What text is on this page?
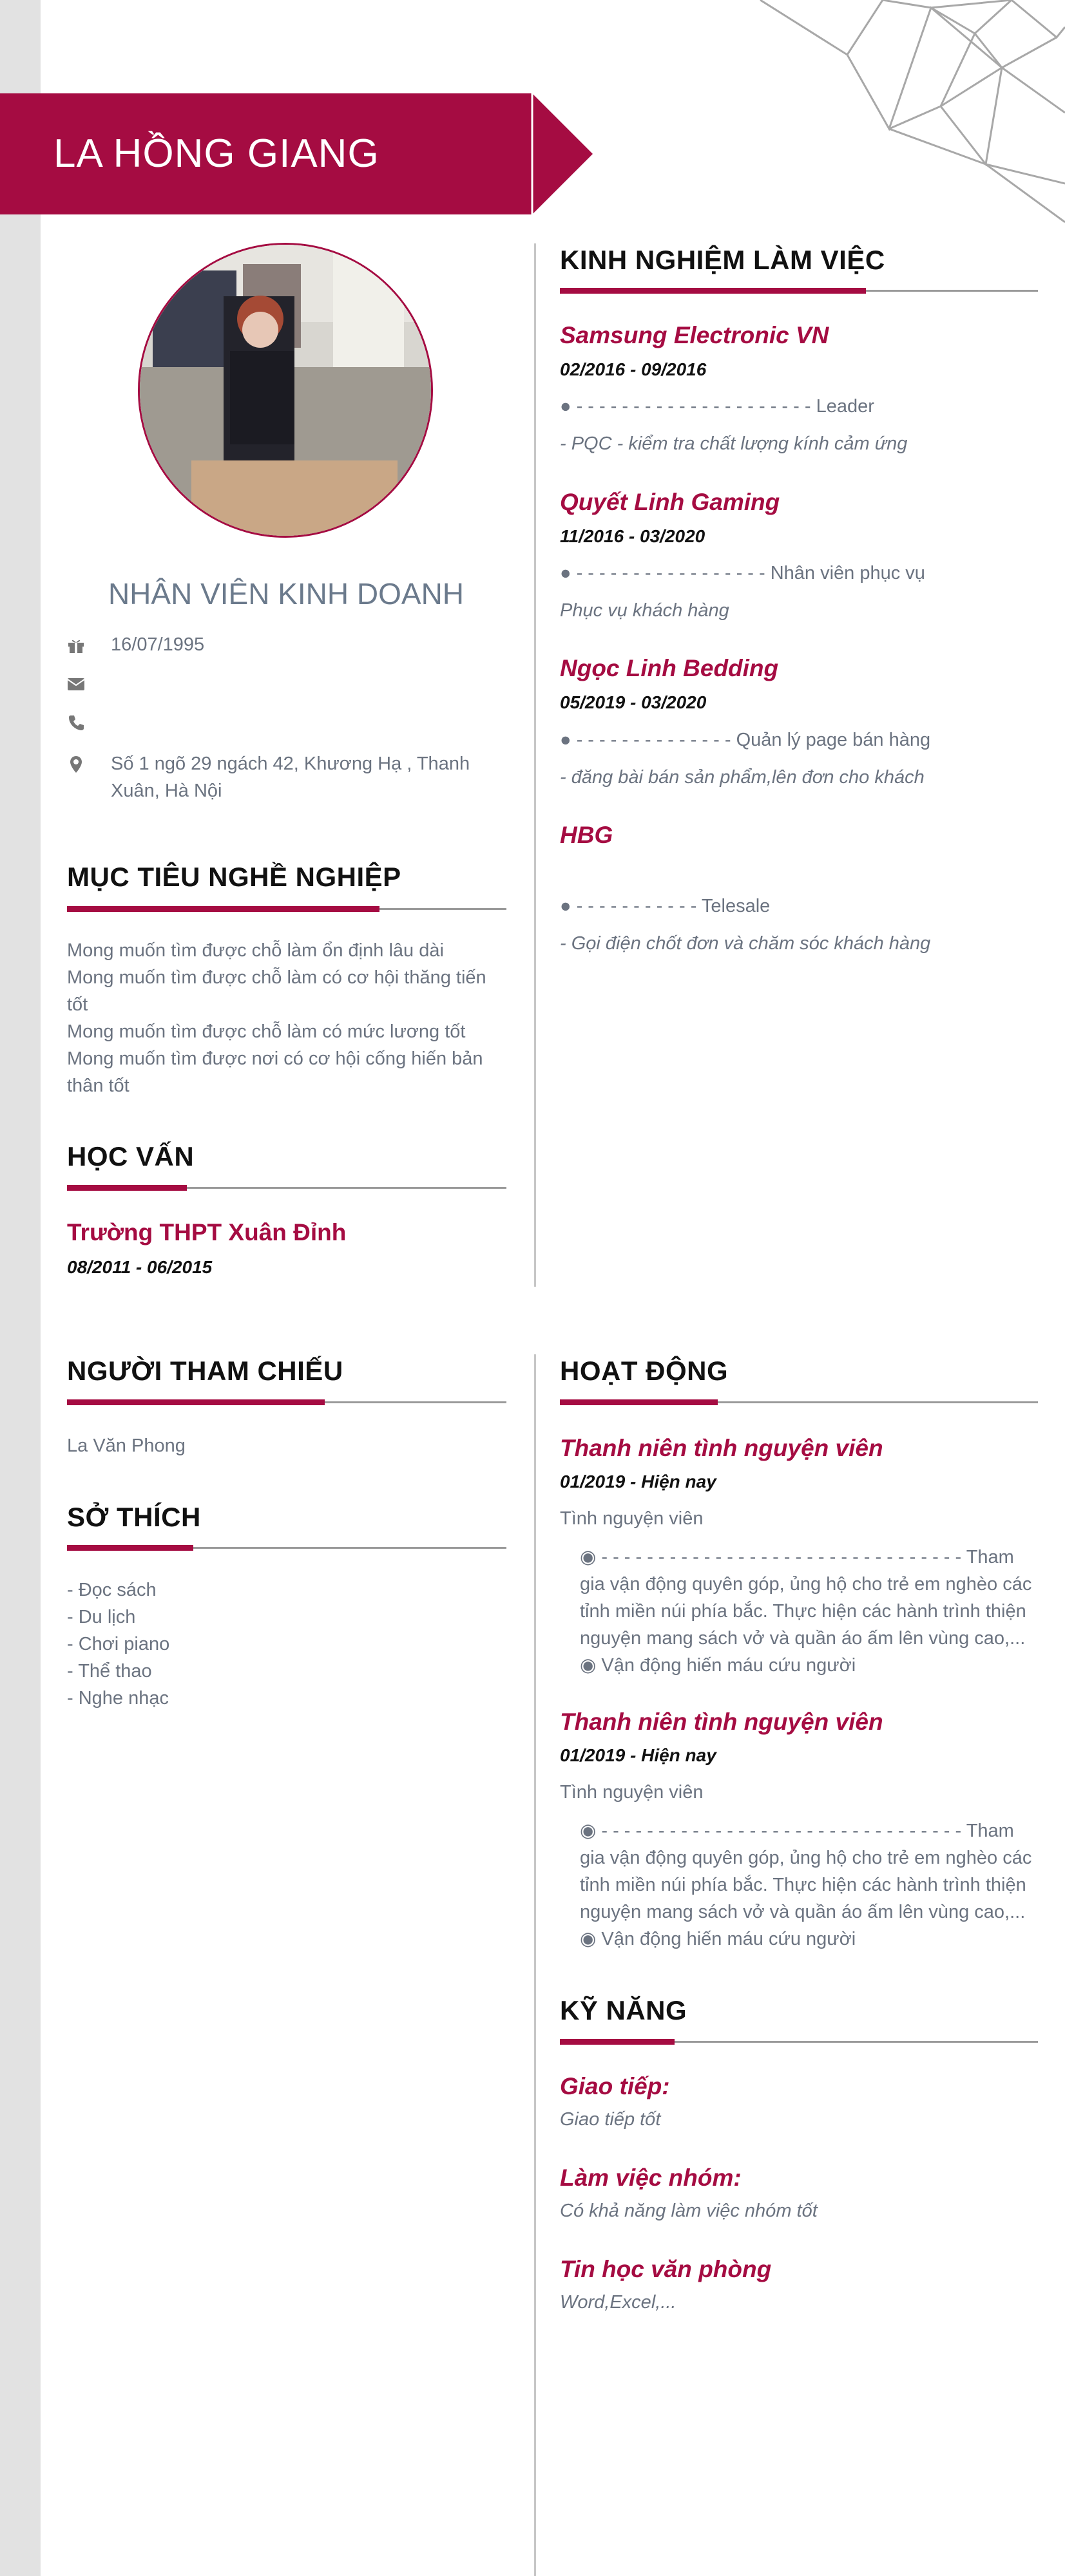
LA HỒNG GIANG
NHÂN VIÊN KINH DOANH
16/07/1995
Số 1 ngõ 29 ngách 42, Khương Hạ , Thanh Xuân, Hà Nội
MỤC TIÊU NGHỀ NGHIỆP
Mong muốn tìm được chỗ làm ổn định lâu dài
Mong muốn tìm được chỗ làm có cơ hội thăng tiến tốt
Mong muốn tìm được chỗ làm có mức lương tốt
Mong muốn tìm được nơi có cơ hội cống hiến bản thân tốt
HỌC VẤN
Trường THPT Xuân Đỉnh
08/2011 - 06/2015
NGƯỜI THAM CHIẾU
La Văn Phong
SỞ THÍCH
- Đọc sách
- Du lịch
- Chơi piano
- Thể thao
- Nghe nhạc
KINH NGHIỆM LÀM VIỆC
Samsung Electronic VN
02/2016 - 09/2016
● - - - - - - - - - - - - - - - - - - - - - Leader
- PQC - kiểm tra chất lượng kính cảm ứng
Quyết Linh Gaming
11/2016 - 03/2020
● - - - - - - - - - - - - - - - - - Nhân viên phục vụ
Phục vụ khách hàng
Ngọc Linh Bedding
05/2019 - 03/2020
● - - - - - - - - - - - - - - Quản lý page bán hàng
- đăng bài bán sản phẩm,lên đơn cho khách
HBG
● - - - - - - - - - - - Telesale
- Gọi điện chốt đơn và chăm sóc khách hàng
HOẠT ĐỘNG
Thanh niên tình nguyện viên
01/2019 - Hiện nay
Tình nguyện viên
◉ - - - - - - - - - - - - - - - - - - - - - - - - - - - - - - - - Tham gia vận động quyên góp, ủng hộ cho trẻ em nghèo các tỉnh miền núi phía bắc. Thực hiện các hành trình thiện nguyện mang sách vở và quần áo ấm lên vùng cao,...
◉ Vận động hiến máu cứu người
Thanh niên tình nguyện viên
01/2019 - Hiện nay
Tình nguyện viên
◉ - - - - - - - - - - - - - - - - - - - - - - - - - - - - - - - - Tham gia vận động quyên góp, ủng hộ cho trẻ em nghèo các tỉnh miền núi phía bắc. Thực hiện các hành trình thiện nguyện mang sách vở và quần áo ấm lên vùng cao,...
◉ Vận động hiến máu cứu người
KỸ NĂNG
Giao tiếp:
Giao tiếp tốt
Làm việc nhóm:
Có khả năng làm việc nhóm tốt
Tin học văn phòng
Word,Excel,...
